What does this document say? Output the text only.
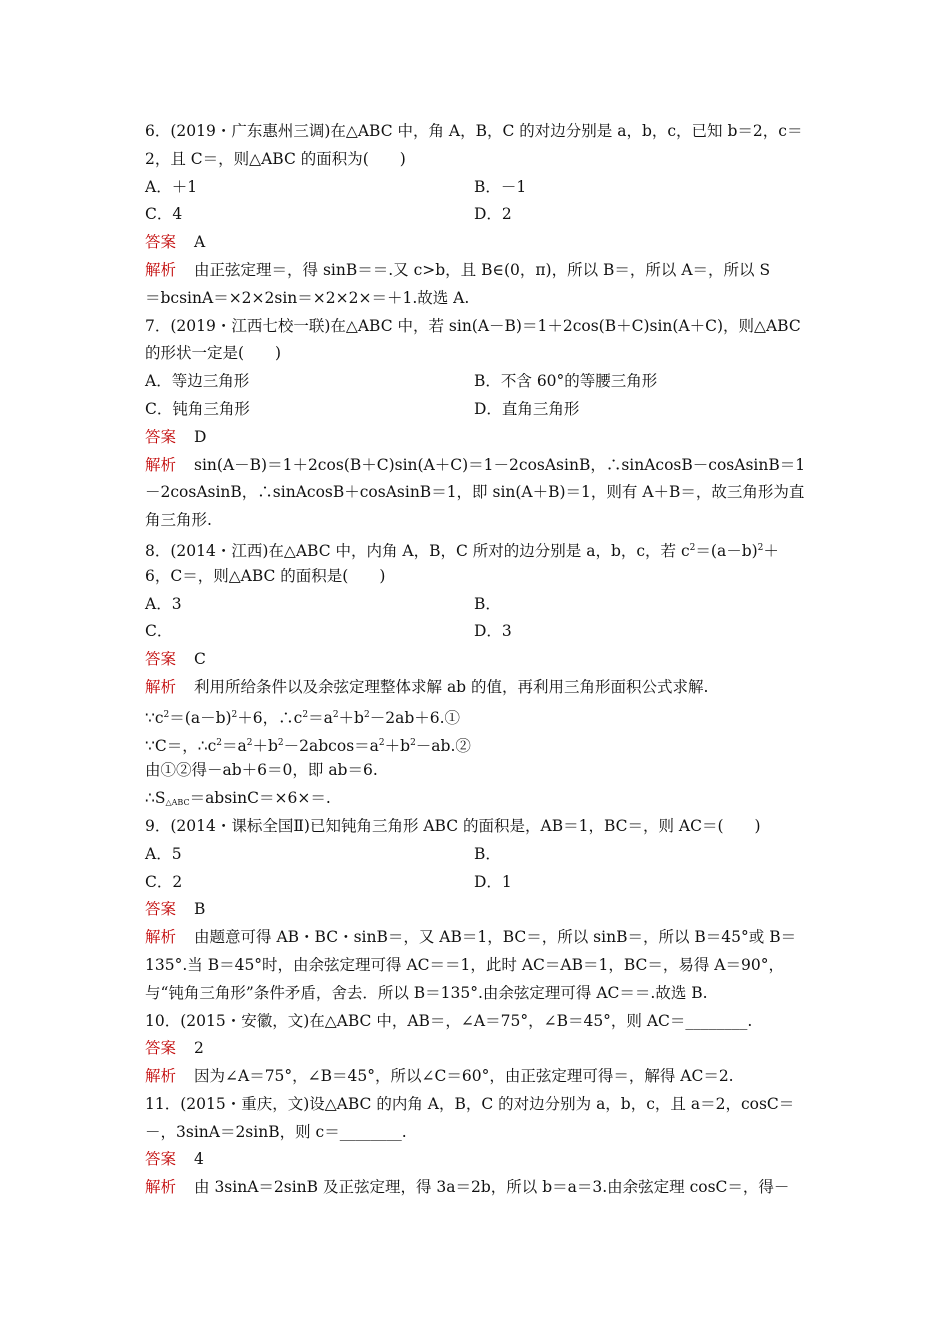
6．(2019・广东惠州三调)在△ABC 中，角 A，B，C 的对边分别是 a，b，c，已知 b＝2，c＝
2，且 C＝，则△ABC 的面积为(　　)
A．＋1	B．－1
C．4	D．2
答案 A
解析 由正弦定理＝，得 sinB＝＝.又 c>b，且 B∈(0，π)，所以 B＝，所以 A＝，所以 S
＝bcsinA＝×2×2sin＝×2×2×＝＋1.故选 A.
7．(2019・江西七校一联)在△ABC 中，若 sin(A－B)＝1＋2cos(B＋C)sin(A＋C)，则△ABC
的形状一定是(　　)
A．等边三角形	B．不含 60°的等腰三角形
C．钝角三角形	D．直角三角形
答案 D
解析 sin(A－B)＝1＋2cos(B＋C)sin(A＋C)＝1－2cosAsinB，∴sinAcosB－cosAsinB＝1
－2cosAsinB，∴sinAcosB＋cosAsinB＝1，即 sin(A＋B)＝1，则有 A＋B＝，故三角形为直
角三角形.
8．(2014・江西)在△ABC 中，内角 A，B，C 所对的边分别是 a，b，c，若 $c^2=(a-b)^2+$
6，C＝，则△ABC 的面积是(　　)
A．3	B．
C．	D．3
答案 C
解析 利用所给条件以及余弦定理整体求解 ab 的值，再利用三角形面积公式求解.
$\because c^2=(a-b)^2+6$，$\therefore c^2=a^2+b^2-2ab+6.①$
∵C＝，$\therefore c^2=a^2+b^2-2abcos=a^2+b^2-ab.②$
由①②得－ab＋6＝0，即 ab＝6.
$\therefore S_{\triangle ABC}=absinC=\times 6\times=$.
9．(2014・课标全国Ⅱ)已知钝角三角形 ABC 的面积是，AB＝1，BC＝，则 AC＝(　　)
A．5	B．
C．2	D．1
答案 B
解析 由题意可得 AB・BC・sinB＝，又 AB＝1，BC＝，所以 sinB＝，所以 B＝45°或 B＝
135°.当 B＝45°时，由余弦定理可得 AC＝＝1，此时 AC＝AB＝1，BC＝，易得 A＝90°，
与“钝角三角形”条件矛盾，舍去．所以 B＝135°.由余弦定理可得 AC＝＝.故选 B.
10．(2015・安徽，文)在△ABC 中，AB＝，∠A＝75°，∠B＝45°，则 AC＝________.
答案 2
解析 因为∠A＝75°，∠B＝45°，所以∠C＝60°，由正弦定理可得＝，解得 AC＝2.
11．(2015・重庆，文)设△ABC 的内角 A，B，C 的对边分别为 a，b，c，且 a＝2，cosC＝
－，3sinA＝2sinB，则 c＝________.
答案 4
解析 由 3sinA＝2sinB 及正弦定理，得 3a＝2b，所以 b＝a＝3.由余弦定理 cosC＝，得－
